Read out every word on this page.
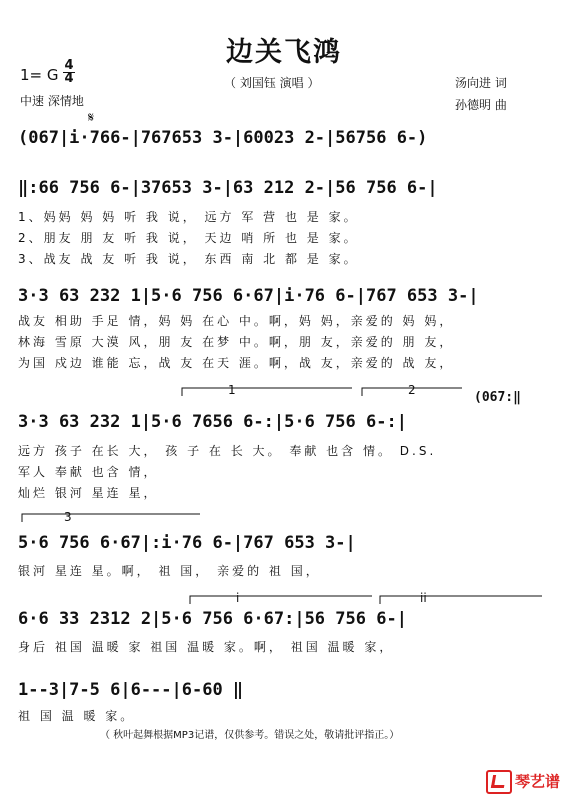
边关飞鸿
1= G
4
4
中速 深情地
（ 刘国钰 演唱 ）	汤向进 词
孙德明 曲
𝄋
(067|i·766-|767653 3-|60023 2-|56756 6-)
‖:66 756 6-|37653 3-|63 212 2-|56 756 6-|
1、妈妈 妈 妈 听 我 说， 远方 军 营 也 是 家。
2、朋友 朋 友 听 我 说， 天边 哨 所 也 是 家。
3、战友 战 友 听 我 说， 东西 南 北 都 是 家。
3·3 63 232 1|5·6 756 6·67|i·76 6-|767 653 3-|
战友 相助 手足 情，妈 妈 在心 中。啊，妈 妈，亲爱的 妈 妈，
林海 雪原 大漠 风，朋 友 在梦 中。啊，朋 友，亲爱的 朋 友，
为国 戍边 谁能 忘，战 友 在天 涯。啊，战 友，亲爱的 战 友，
1	2	(067:‖
3·3 63 232 1|5·6 7656 6-:|5·6 756 6-:|
远方 孩子 在长 大， 孩 子 在 长 大。 奉献 也含 情。 D.S.
军人 奉献 也含 情，
灿烂 银河 星连 星，
3
5·6 756 6·67|:i·76 6-|767 653 3-|
银河 星连 星。啊， 祖 国， 亲爱的 祖 国，
i	ii
6·6 33 2312 2|5·6 756 6·67:|56 756 6-|
身后 祖国 温暖 家 祖国 温暖 家。啊， 祖国 温暖 家，
1--3|7-5 6|6---|6-60 ‖
祖 国 温 暖 家。
（ 秋叶起舞根据MP3记谱，仅供参考。错误之处，敬请批评指正。）
琴艺谱
